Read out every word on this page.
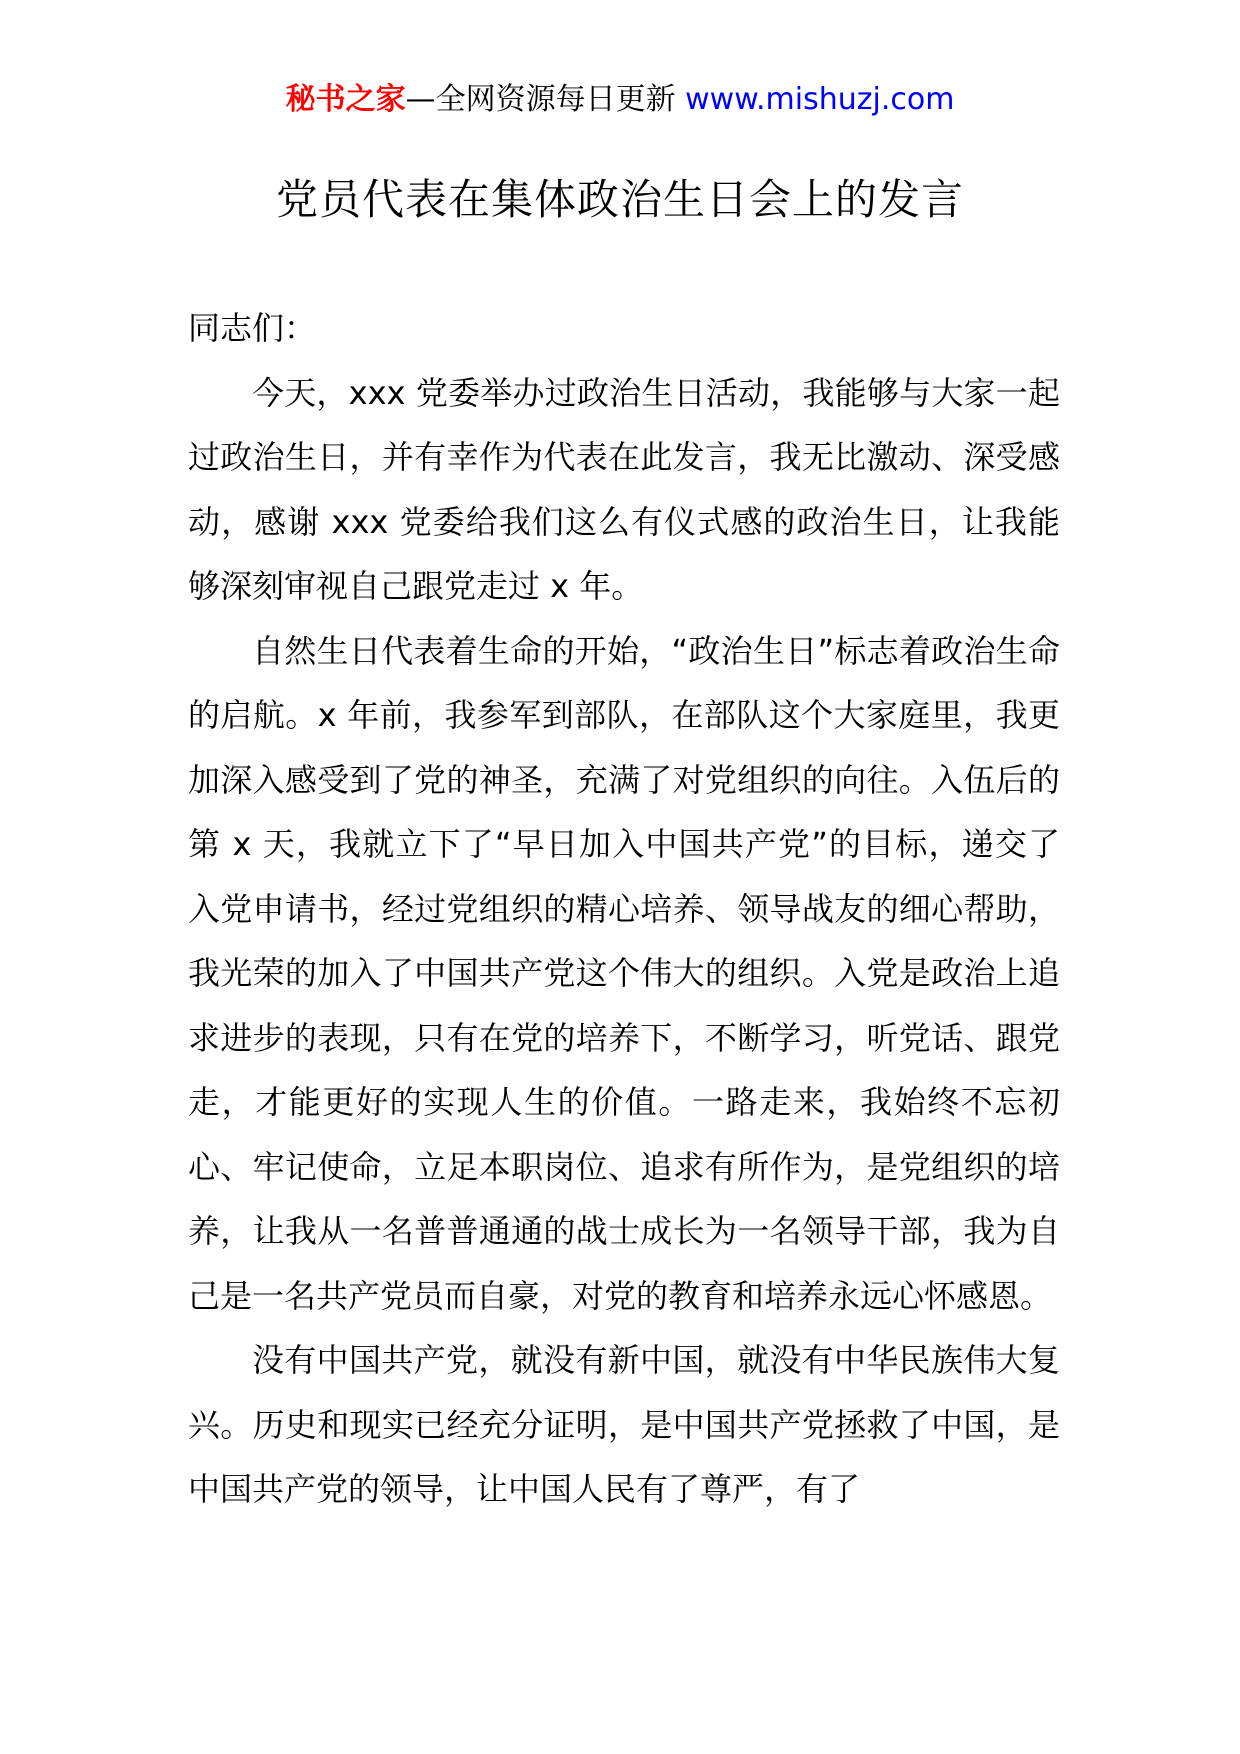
秘书之家—全网资源每日更新 www.mishuzj.com
党员代表在集体政治生日会上的发言

同志们：

今天，xxx 党委举办过政治生日活动，我能够与大家一起过政治生日，并有幸作为代表在此发言，我无比激动、深受感动，感谢 xxx 党委给我们这么有仪式感的政治生日，让我能够深刻审视自己跟党走过 x 年。

自然生日代表着生命的开始，“政治生日”标志着政治生命的启航。x 年前，我参军到部队，在部队这个大家庭里，我更加深入感受到了党的神圣，充满了对党组织的向往。入伍后的第 x 天，我就立下了“早日加入中国共产党”的目标，递交了入党申请书，经过党组织的精心培养、领导战友的细心帮助，我光荣的加入了中国共产党这个伟大的组织。入党是政治上追求进步的表现，只有在党的培养下，不断学习，听党话、跟党走，才能更好的实现人生的价值。一路走来，我始终不忘初心、牢记使命，立足本职岗位、追求有所作为，是党组织的培养，让我从一名普普通通的战士成长为一名领导干部，我为自己是一名共产党员而自豪，对党的教育和培养永远心怀感恩。

没有中国共产党，就没有新中国，就没有中华民族伟大复兴。历史和现实已经充分证明，是中国共产党拯救了中国，是中国共产党的领导，让中国人民有了尊严，有了
